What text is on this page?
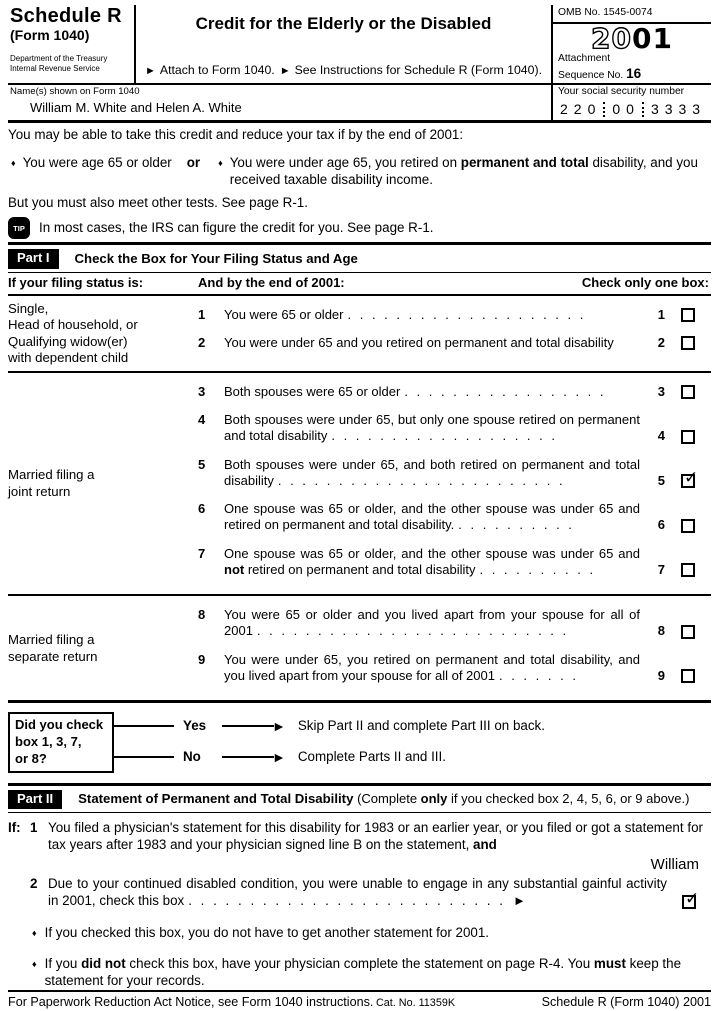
Schedule R
(Form 1040)
Department of the Treasury
Internal Revenue Service
Credit for the Elderly or the Disabled
► Attach to Form 1040. ► See Instructions for Schedule R (Form 1040).
OMB No. 1545-0074
2001
Attachment
Sequence No. 16
Name(s) shown on Form 1040
William M. White and Helen A. White
Your social security number
220 00 3333
You may be able to take this credit and reduce your tax if by the end of 2001:
♦ You were age 65 or older or ♦ You were under age 65, you retired on permanent and total disability, and you received taxable disability income.
But you must also meet other tests. See page R-1.
TIP	In most cases, the IRS can figure the credit for you. See page R-1.
Part I	Check the Box for Your Filing Status and Age
If your filing status is:	And by the end of 2001:	Check only one box:
Single,
Head of household, or
Qualifying widow(er)
with dependent child
1	You were 65 or older . . . . . . . . . . . . . . . . . . . .	1
2	You were under 65 and you retired on permanent and total disability	2
Married filing a
joint return
3	Both spouses were 65 or older . . . . . . . . . . . . . . . . .	3
4	Both spouses were under 65, but only one spouse retired on permanent and total disability . . . . . . . . . . . . . . . . . . .	4
5	Both spouses were under 65, and both retired on permanent and total disability . . . . . . . . . . . . . . . . . . . . . . . .	5 ✓
6	One spouse was 65 or older, and the other spouse was under 65 and retired on permanent and total disability. . . . . . . . . . .	6
7	One spouse was 65 or older, and the other spouse was under 65 and not retired on permanent and total disability . . . . . . . . . .	7
Married filing a
separate return
8	You were 65 or older and you lived apart from your spouse for all of 2001 . . . . . . . . . . . . . . . . . . . . . . . . . .	8
9	You were under 65, you retired on permanent and total disability, and you lived apart from your spouse for all of 2001 . . . . . . .	9
Did you check
box 1, 3, 7,
or 8?
Yes	► Skip Part II and complete Part III on back.
No	► Complete Parts II and III.
Part II	Statement of Permanent and Total Disability (Complete only if you checked box 2, 4, 5, 6, or 9 above.)
If: 1 You filed a physician's statement for this disability for 1983 or an earlier year, or you filed or got a statement for tax years after 1983 and your physician signed line B on the statement, and
William
2 Due to your continued disabled condition, you were unable to engage in any substantial gainful activity in 2001, check this box . . . . . . . . . . . . . . . . . . . . . . . . . . ►	✓
♦ If you checked this box, you do not have to get another statement for 2001.
♦ If you did not check this box, have your physician complete the statement on page R-4. You must keep the statement for your records.
For Paperwork Reduction Act Notice, see Form 1040 instructions. Cat. No. 11359K	Schedule R (Form 1040) 2001
